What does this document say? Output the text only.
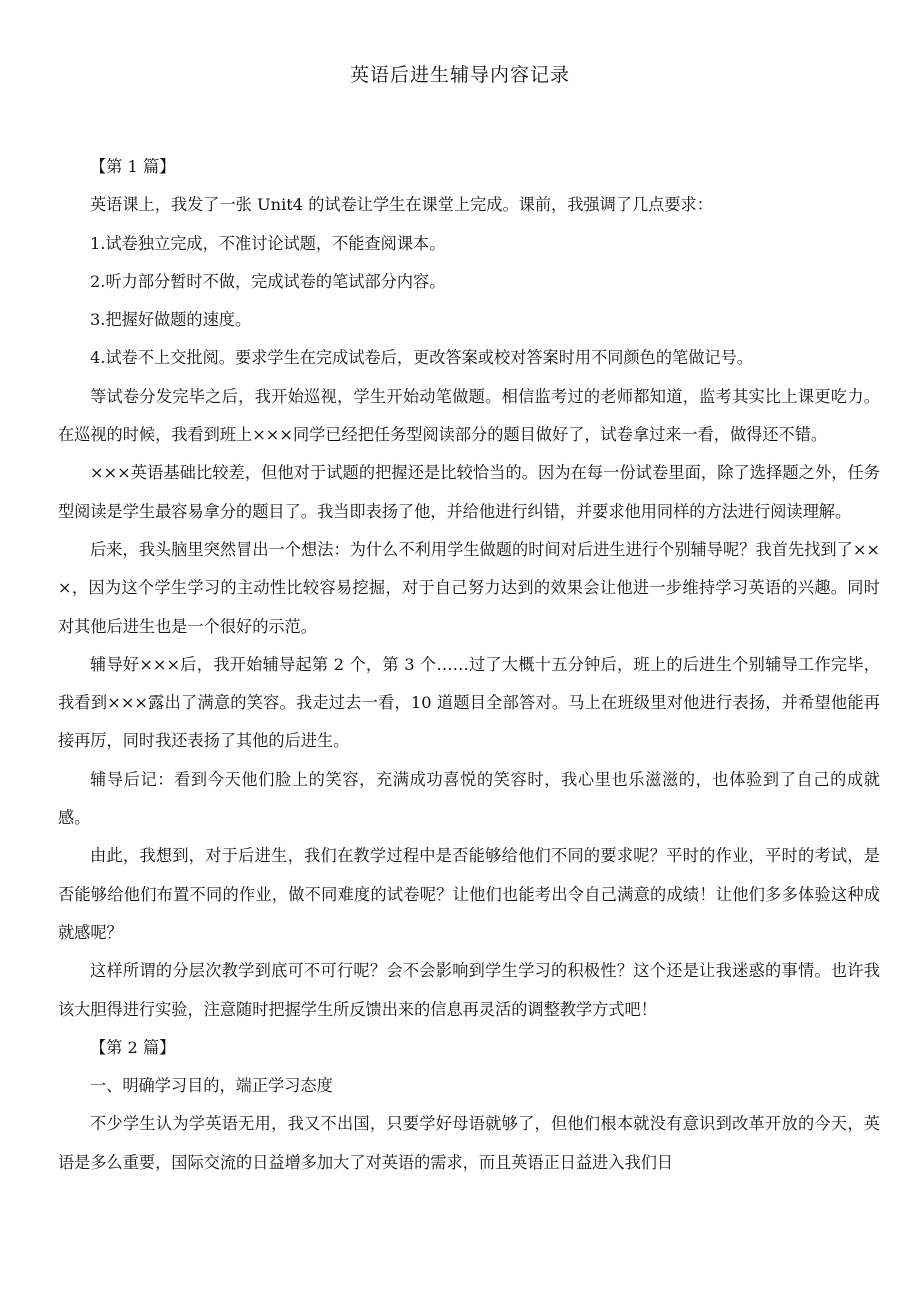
英语后进生辅导内容记录

【第 1 篇】

英语课上，我发了一张 Unit4 的试卷让学生在课堂上完成。课前，我强调了几点要求：

1.试卷独立完成，不准讨论试题，不能查阅课本。

2.听力部分暂时不做，完成试卷的笔试部分内容。

3.把握好做题的速度。

4.试卷不上交批阅。要求学生在完成试卷后，更改答案或校对答案时用不同颜色的笔做记号。

等试卷分发完毕之后，我开始巡视，学生开始动笔做题。相信监考过的老师都知道，监考其实比上课更吃力。在巡视的时候，我看到班上×××同学已经把任务型阅读部分的题目做好了，试卷拿过来一看，做得还不错。

×××英语基础比较差，但他对于试题的把握还是比较恰当的。因为在每一份试卷里面，除了选择题之外，任务型阅读是学生最容易拿分的题目了。我当即表扬了他，并给他进行纠错，并要求他用同样的方法进行阅读理解。

后来，我头脑里突然冒出一个想法：为什么不利用学生做题的时间对后进生进行个别辅导呢？我首先找到了×××，因为这个学生学习的主动性比较容易挖掘，对于自己努力达到的效果会让他进一步维持学习英语的兴趣。同时对其他后进生也是一个很好的示范。

辅导好×××后，我开始辅导起第 2 个，第 3 个……过了大概十五分钟后，班上的后进生个别辅导工作完毕，我看到×××露出了满意的笑容。我走过去一看，10 道题目全部答对。马上在班级里对他进行表扬，并希望他能再接再厉，同时我还表扬了其他的后进生。

辅导后记：看到今天他们脸上的笑容，充满成功喜悦的笑容时，我心里也乐滋滋的，也体验到了自己的成就感。

由此，我想到，对于后进生，我们在教学过程中是否能够给他们不同的要求呢？平时的作业，平时的考试，是否能够给他们布置不同的作业，做不同难度的试卷呢？让他们也能考出令自己满意的成绩！让他们多多体验这种成就感呢？

这样所谓的分层次教学到底可不可行呢？会不会影响到学生学习的积极性？这个还是让我迷惑的事情。也许我该大胆得进行实验，注意随时把握学生所反馈出来的信息再灵活的调整教学方式吧！

【第 2 篇】

一、明确学习目的，端正学习态度

不少学生认为学英语无用，我又不出国，只要学好母语就够了，但他们根本就没有意识到改革开放的今天，英语是多么重要，国际交流的日益增多加大了对英语的需求，而且英语正日益进入我们日
